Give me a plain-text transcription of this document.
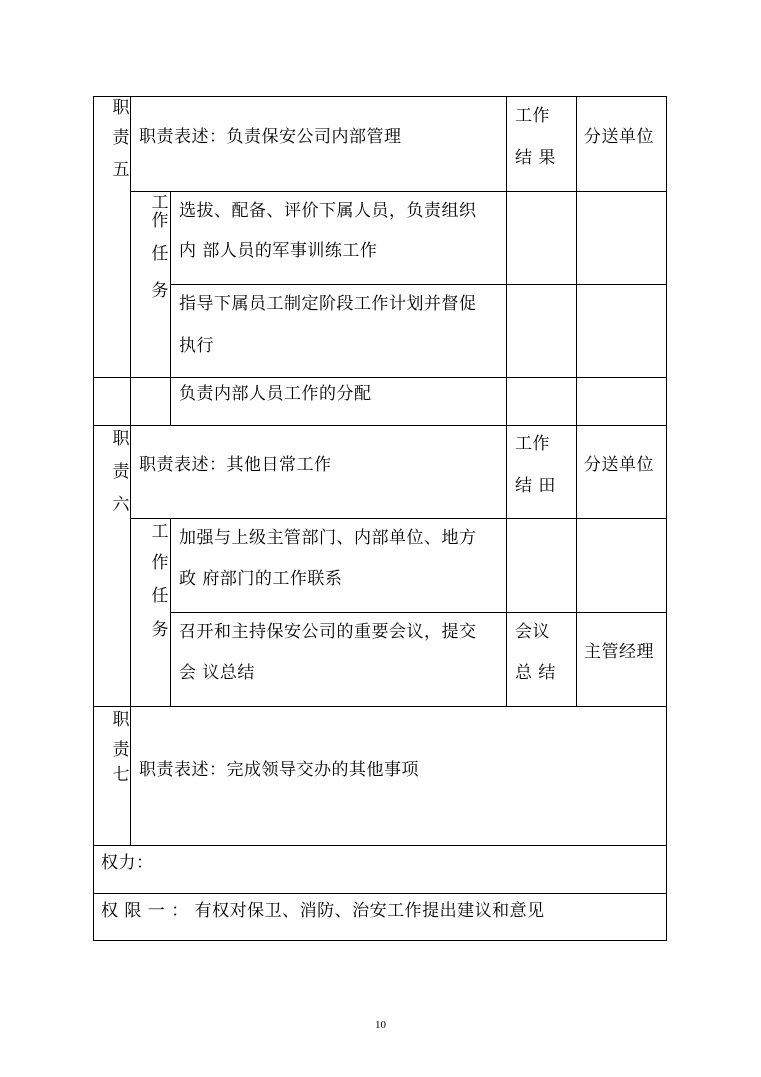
职
责
五
职责表述：负责保安公司内部管理
工作
结 果
分送单位
工
作
任
务
选拔、配备、评价下属人员，负责组织
内 部人员的军事训练工作
指导下属员工制定阶段工作计划并督促
执行
负责内部人员工作的分配
职
责
六
职责表述：其他日常工作
工作
结 田
分送单位
工
作
任
务
加强与上级主管部门、内部单位、地方
政 府部门的工作联系
召开和主持保安公司的重要会议，提交
会 议总结
会议
总 结
主管经理
职
责
七 职责表述：完成领导交办的其他事项
权力：
权 限 一 ： 有权对保卫、消防、治安工作提出建议和意见
10
